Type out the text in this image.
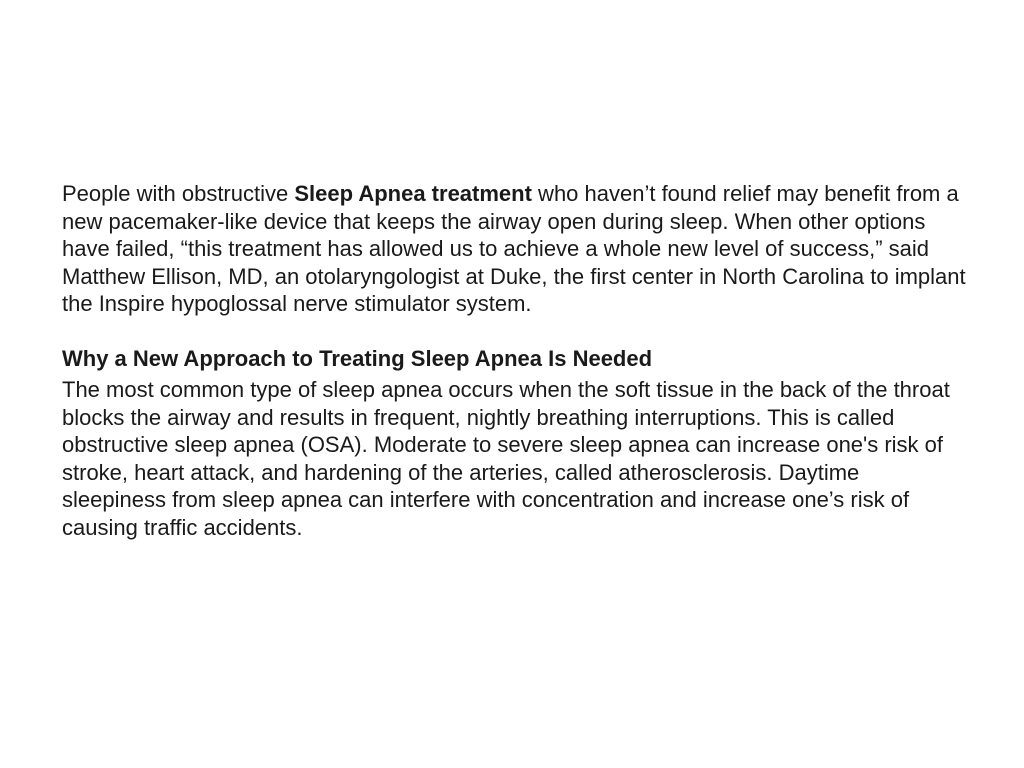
People with obstructive Sleep Apnea treatment who haven’t found relief may benefit from a new pacemaker-like device that keeps the airway open during sleep. When other options have failed, “this treatment has allowed us to achieve a whole new level of success,” said Matthew Ellison, MD, an otolaryngologist at Duke, the first center in North Carolina to implant the Inspire hypoglossal nerve stimulator system.

Why a New Approach to Treating Sleep Apnea Is Needed

The most common type of sleep apnea occurs when the soft tissue in the back of the throat blocks the airway and results in frequent, nightly breathing interruptions. This is called obstructive sleep apnea (OSA). Moderate to severe sleep apnea can increase one's risk of stroke, heart attack, and hardening of the arteries, called atherosclerosis. Daytime sleepiness from sleep apnea can interfere with concentration and increase one’s risk of causing traffic accidents.
